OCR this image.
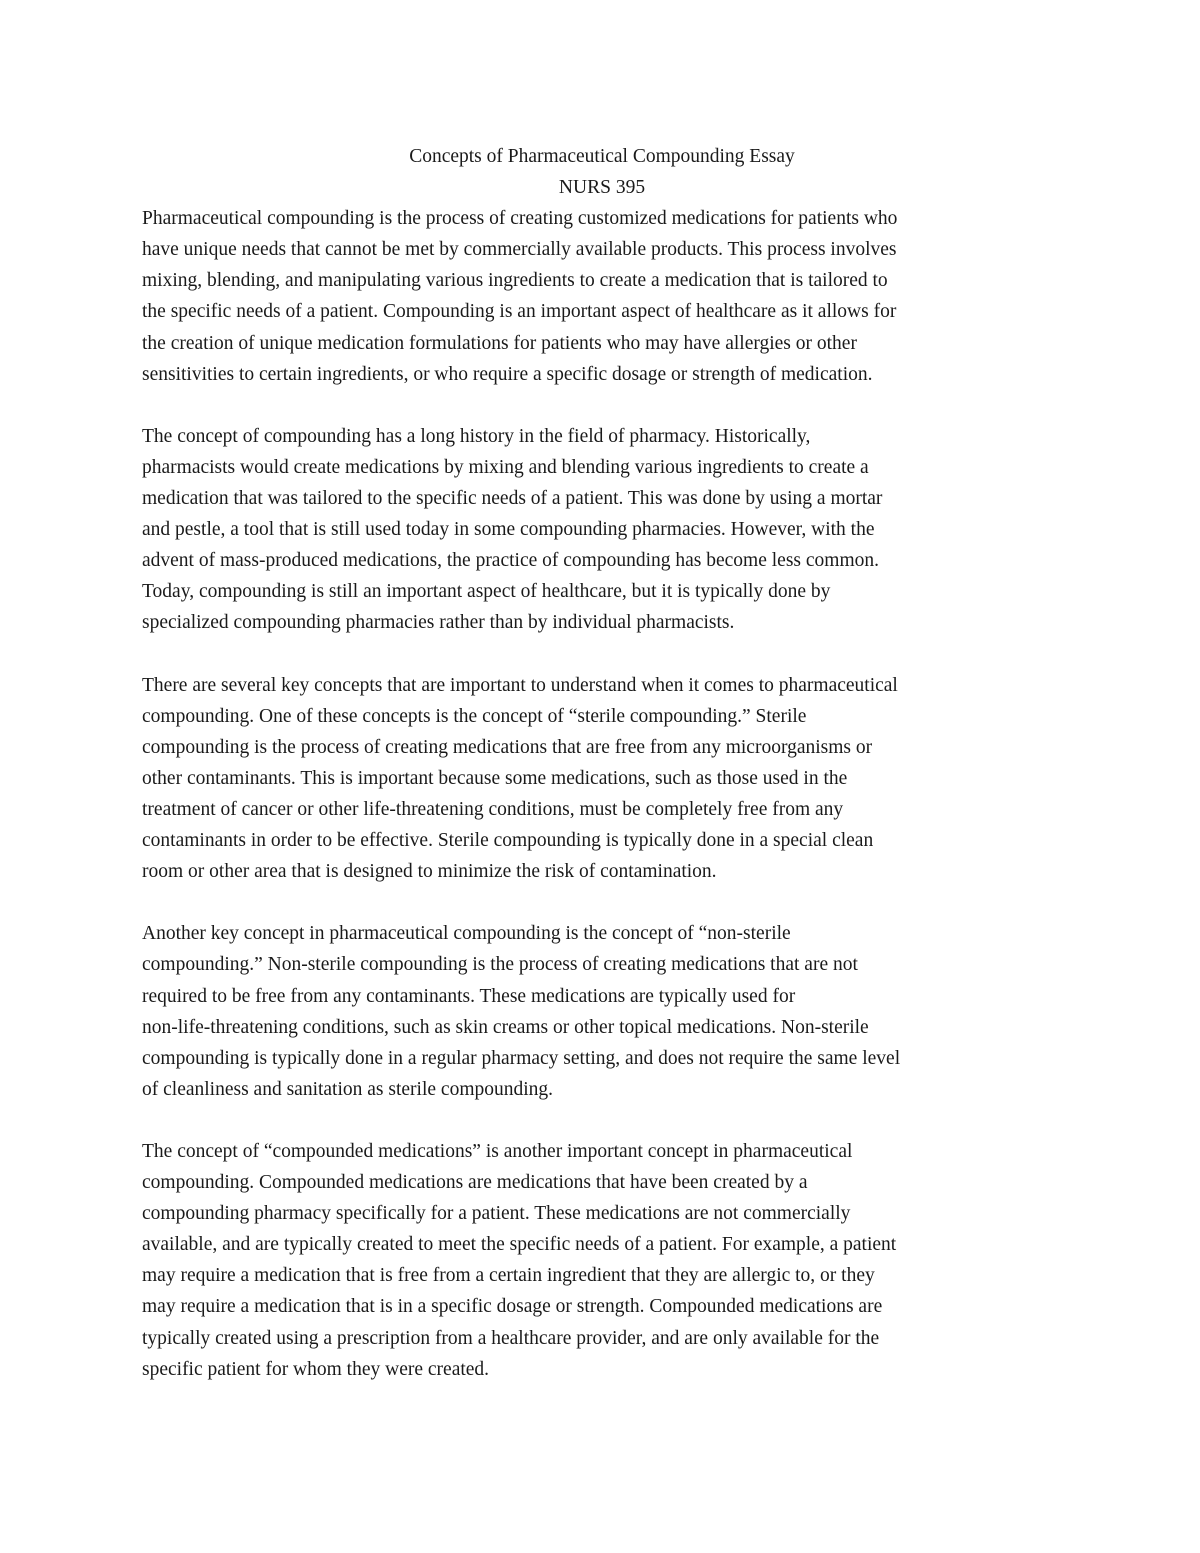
Concepts of Pharmaceutical Compounding Essay

NURS 395

Pharmaceutical compounding is the process of creating customized medications for patients who
have unique needs that cannot be met by commercially available products. This process involves
mixing, blending, and manipulating various ingredients to create a medication that is tailored to
the specific needs of a patient. Compounding is an important aspect of healthcare as it allows for
the creation of unique medication formulations for patients who may have allergies or other
sensitivities to certain ingredients, or who require a specific dosage or strength of medication.

The concept of compounding has a long history in the field of pharmacy. Historically,
pharmacists would create medications by mixing and blending various ingredients to create a
medication that was tailored to the specific needs of a patient. This was done by using a mortar
and pestle, a tool that is still used today in some compounding pharmacies. However, with the
advent of mass-produced medications, the practice of compounding has become less common.
Today, compounding is still an important aspect of healthcare, but it is typically done by
specialized compounding pharmacies rather than by individual pharmacists.

There are several key concepts that are important to understand when it comes to pharmaceutical
compounding. One of these concepts is the concept of “sterile compounding.” Sterile
compounding is the process of creating medications that are free from any microorganisms or
other contaminants. This is important because some medications, such as those used in the
treatment of cancer or other life-threatening conditions, must be completely free from any
contaminants in order to be effective. Sterile compounding is typically done in a special clean
room or other area that is designed to minimize the risk of contamination.

Another key concept in pharmaceutical compounding is the concept of “non-sterile
compounding.” Non-sterile compounding is the process of creating medications that are not
required to be free from any contaminants. These medications are typically used for
non-life-threatening conditions, such as skin creams or other topical medications. Non-sterile
compounding is typically done in a regular pharmacy setting, and does not require the same level
of cleanliness and sanitation as sterile compounding.

The concept of “compounded medications” is another important concept in pharmaceutical
compounding. Compounded medications are medications that have been created by a
compounding pharmacy specifically for a patient. These medications are not commercially
available, and are typically created to meet the specific needs of a patient. For example, a patient
may require a medication that is free from a certain ingredient that they are allergic to, or they
may require a medication that is in a specific dosage or strength. Compounded medications are
typically created using a prescription from a healthcare provider, and are only available for the
specific patient for whom they were created.
